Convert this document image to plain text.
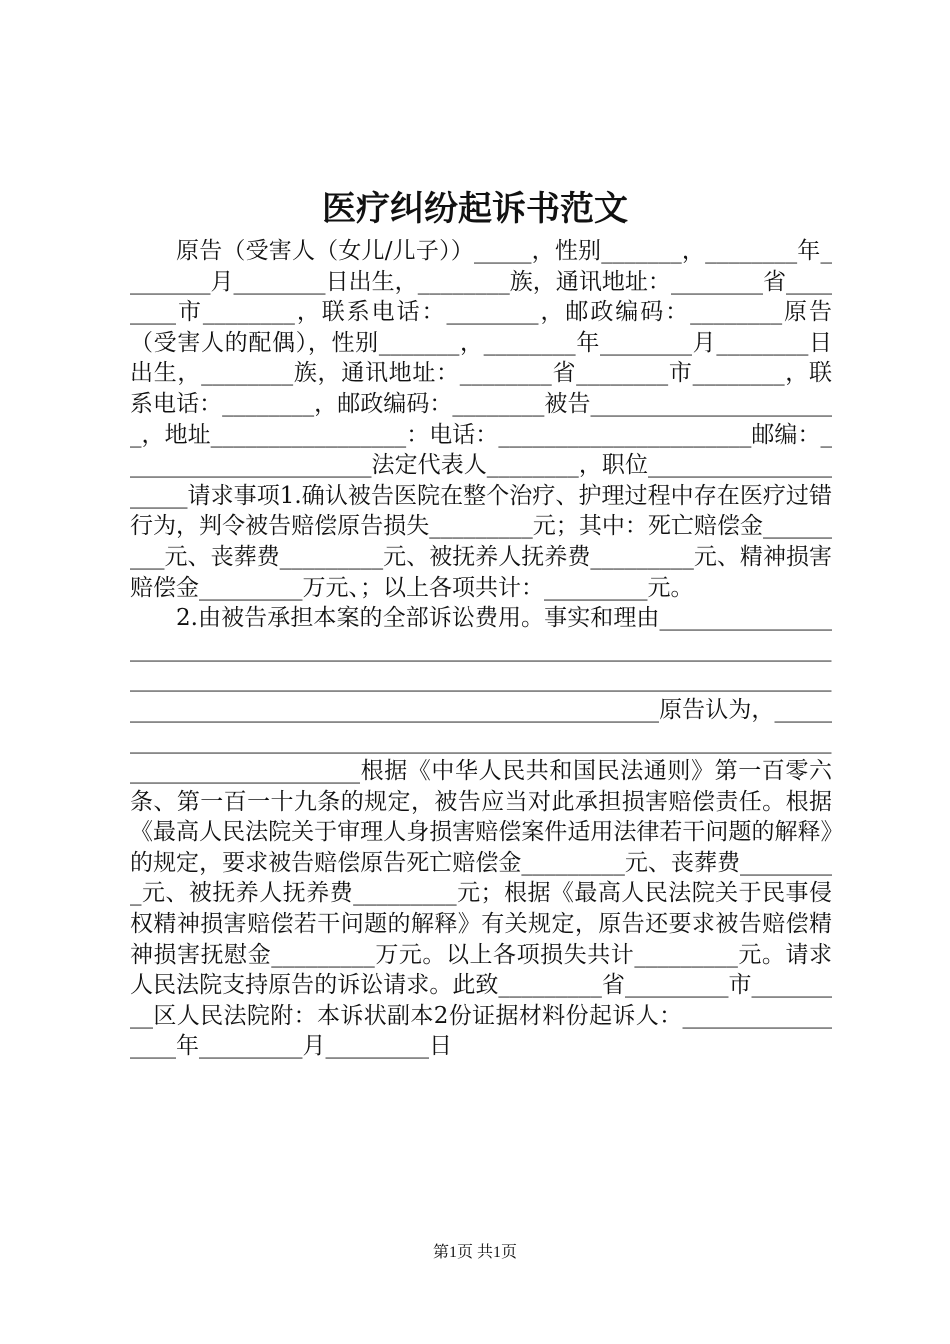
医疗纠纷起诉书范文

原告（受害人（女儿/儿子））_____，性别_______，________年________月________日出生，________族，通讯地址：________省________市________，联系电话：________，邮政编码：________原告（受害人的配偶），性别_______，________年________月________日出生，________族，通讯地址：________省________市________，联系电话：________，邮政编码：________被告______________________，地址_________________：电话：______________________邮编：______________________法定代表人________，职位_____________________请求事项1.确认被告医院在整个治疗、护理过程中存在医疗过错行为，判令被告赔偿原告损失_________元；其中：死亡赔偿金_________元、丧葬费_________元、被抚养人抚养费_________元、精神损害赔偿金_________万元、；以上各项共计：_________元。

2.由被告承担本案的全部诉讼费用。事实和理由_______________________________________________________________________________________________________________________________________________________________________________________原告认为，______________________________________________________________________________________根据《中华人民共和国民法通则》第一百零六条、第一百一十九条的规定，被告应当对此承担损害赔偿责任。根据《最高人民法院关于审理人身损害赔偿案件适用法律若干问题的解释》的规定，要求被告赔偿原告死亡赔偿金_________元、丧葬费_________元、被抚养人抚养费_________元；根据《最高人民法院关于民事侵权精神损害赔偿若干问题的解释》有关规定，原告还要求被告赔偿精神损害抚慰金_________万元。以上各项损失共计_________元。请求人民法院支持原告的诉讼请求。此致_________省_________市_________区人民法院附：本诉状副本2份证据材料份起诉人：_________________年_________月_________日

第1页 共1页
